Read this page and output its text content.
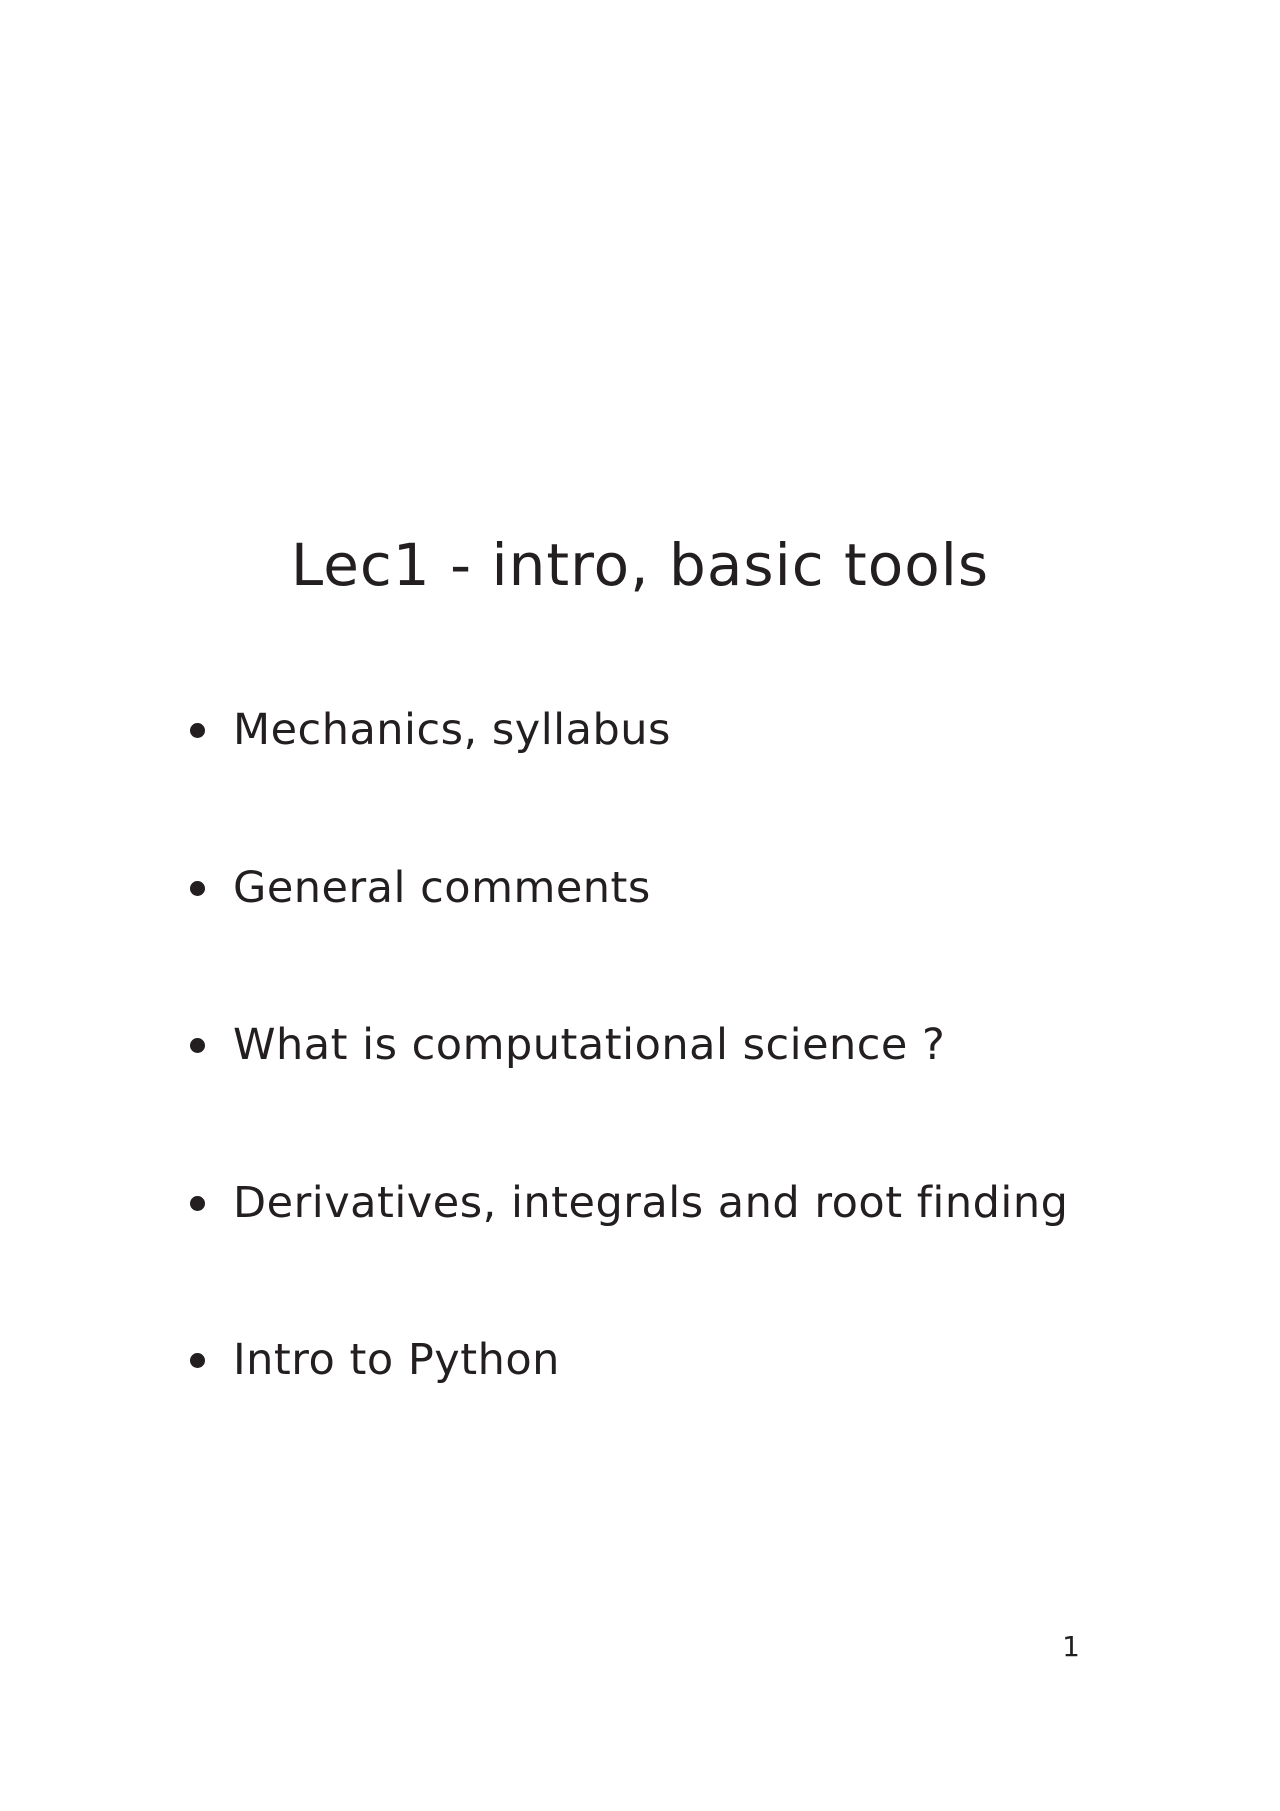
Lec1 - intro, basic tools
Mechanics, syllabus
General comments
What is computational science ?
Derivatives, integrals and root finding
Intro to Python
1
